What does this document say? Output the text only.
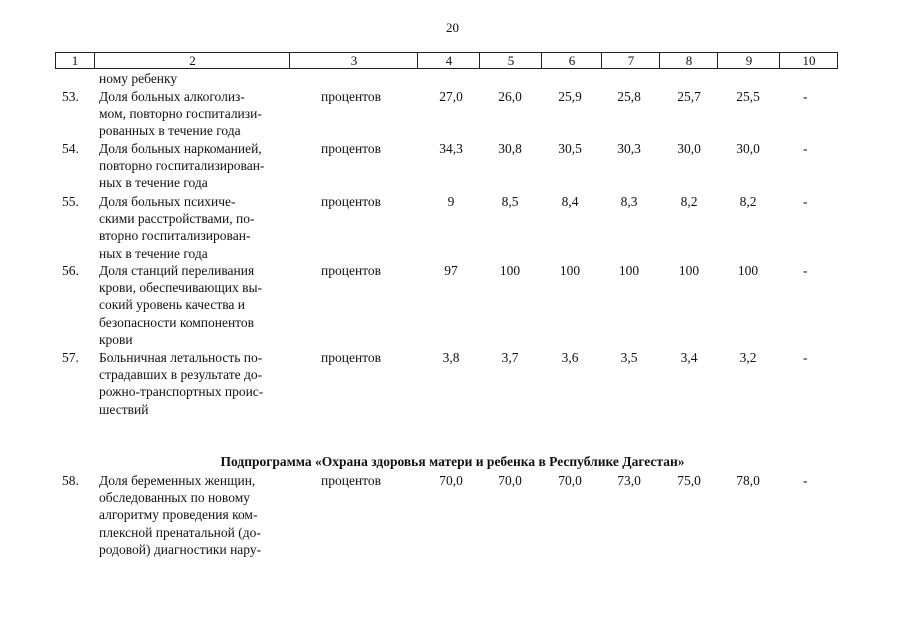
20
1	2	3	4	5	6	7	8	9	10
ному ребенку
53. Доля больных алкоголиз-
мом, повторно госпитализи-
рованных в течение года
процентов	27,0	26,0	25,9	25,8	25,7	25,5	-
54. Доля больных наркоманией,
повторно госпитализирован-
ных в течение года
процентов	34,3	30,8	30,5	30,3	30,0	30,0	-
55. Доля больных психиче-
скими расстройствами, по-
вторно госпитализирован-
ных в течение года
процентов	9	8,5	8,4	8,3	8,2	8,2	-
56. Доля станций переливания
крови, обеспечивающих вы-
сокий уровень качества и
безопасности компонентов
крови
процентов	97	100	100	100	100	100	-
57. Больничная летальность по-
страдавших в результате до-
рожно-транспортных проис-
шествий
процентов	3,8	3,7	3,6	3,5	3,4	3,2	-
Подпрограмма «Охрана здоровья матери и ребенка в Республике Дагестан»
58. Доля беременных женщин,
обследованных по новому
алгоритму проведения ком-
плексной пренатальной (до-
родовой) диагностики нару-
процентов	70,0	70,0	70,0	73,0	75,0	78,0	-
